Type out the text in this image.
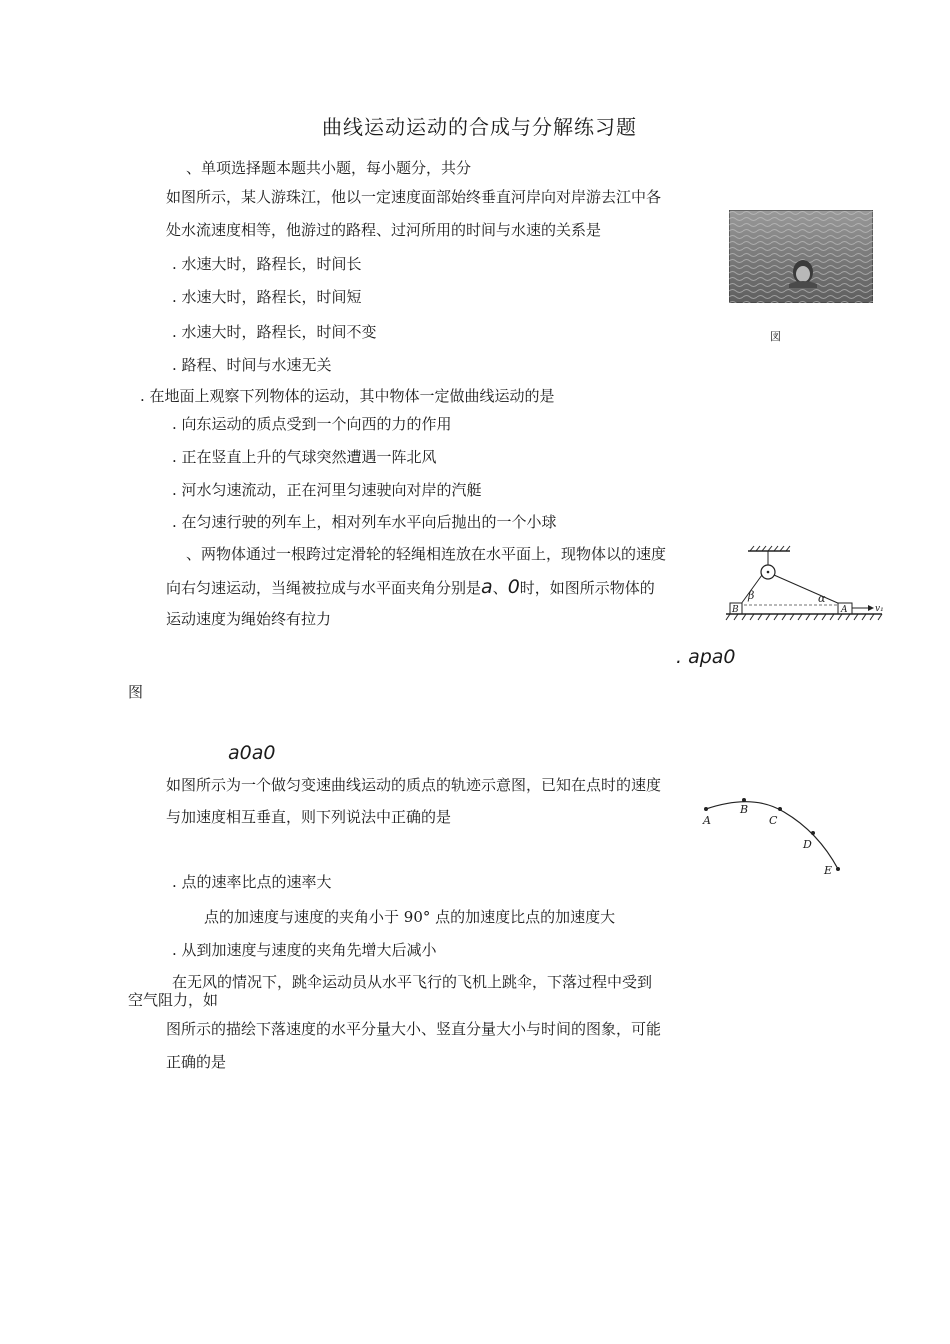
曲线运动运动的合成与分解练习题
、单项选择题本题共小题，每小题分，共分
如图所示，某人游珠江，他以一定速度面部始终垂直河岸向对岸游去江中各
处水流速度相等，他游过的路程、过河所用的时间与水速的关系是
. 水速大时，路程长，时间长
. 水速大时，路程长，时间短
. 水速大时，路程长，时间不变
. 路程、时间与水速无关
図
. 在地面上观察下列物体的运动，其中物体一定做曲线运动的是
. 向东运动的质点受到一个向西的力的作用
. 正在竖直上升的气球突然遭遇一阵北风
. 河水匀速流动，正在河里匀速驶向对岸的汽艇
. 在匀速行驶的列车上，相对列车水平向后抛出的一个小球
、两物体通过一根跨过定滑轮的轻绳相连放在水平面上，现物体以的速度
向右匀速运动，当绳被拉成与水平面夹角分别是a、0时，如图所示物体的
运动速度为绳始终有拉力
β	α
B	A	v₁
. apa0
图
a0a0
如图所示为一个做匀变速曲线运动的质点的轨迹示意图，已知在点时的速度
与加速度相互垂直，则下列说法中正确的是	A
B
C
D
E
. 点的速率比点的速率大
点的加速度与速度的夹角小于 90° 点的加速度比点的加速度大
. 从到加速度与速度的夹角先增大后减小
在无风的情况下，跳伞运动员从水平飞行的飞机上跳伞，下落过程中受到
空气阻力，如
图所示的描绘下落速度的水平分量大小、竖直分量大小与时间的图象，可能
正确的是
